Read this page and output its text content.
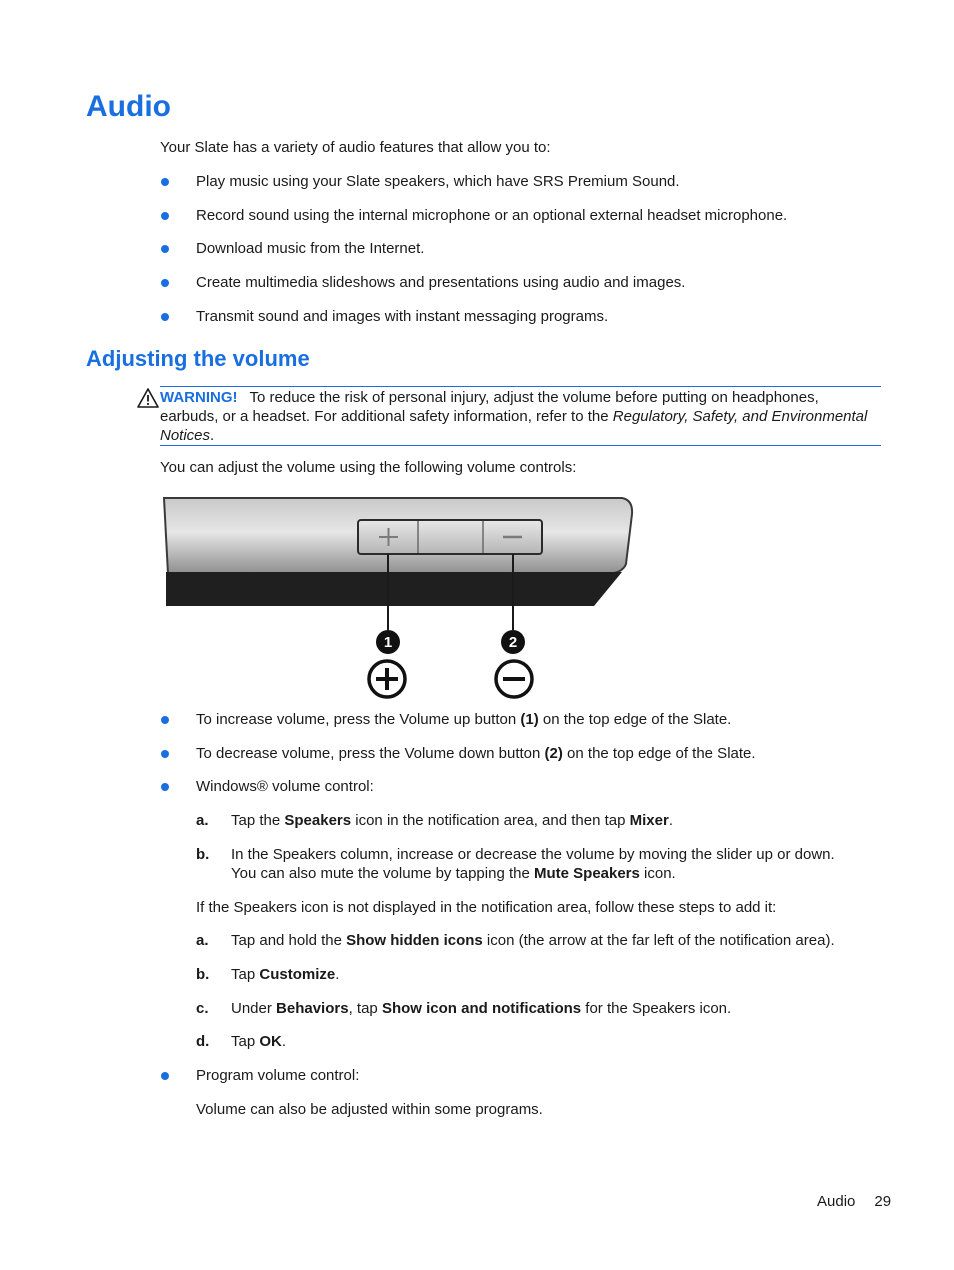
Audio
Your Slate has a variety of audio features that allow you to:
Play music using your Slate speakers, which have SRS Premium Sound.
Record sound using the internal microphone or an optional external headset microphone.
Download music from the Internet.
Create multimedia slideshows and presentations using audio and images.
Transmit sound and images with instant messaging programs.
Adjusting the volume
WARNING! To reduce the risk of personal injury, adjust the volume before putting on headphones, earbuds, or a headset. For additional safety information, refer to the Regulatory, Safety, and Environmental Notices.
You can adjust the volume using the following volume controls:
1	2
To increase volume, press the Volume up button (1) on the top edge of the Slate.
To decrease volume, press the Volume down button (2) on the top edge of the Slate.
Windows® volume control:
a. Tap the Speakers icon in the notification area, and then tap Mixer.
b. In the Speakers column, increase or decrease the volume by moving the slider up or down.
You can also mute the volume by tapping the Mute Speakers icon.
If the Speakers icon is not displayed in the notification area, follow these steps to add it:
a. Tap and hold the Show hidden icons icon (the arrow at the far left of the notification area).
b. Tap Customize.
c. Under Behaviors, tap Show icon and notifications for the Speakers icon.
d. Tap OK.
Program volume control:
Volume can also be adjusted within some programs.
Audio 29
